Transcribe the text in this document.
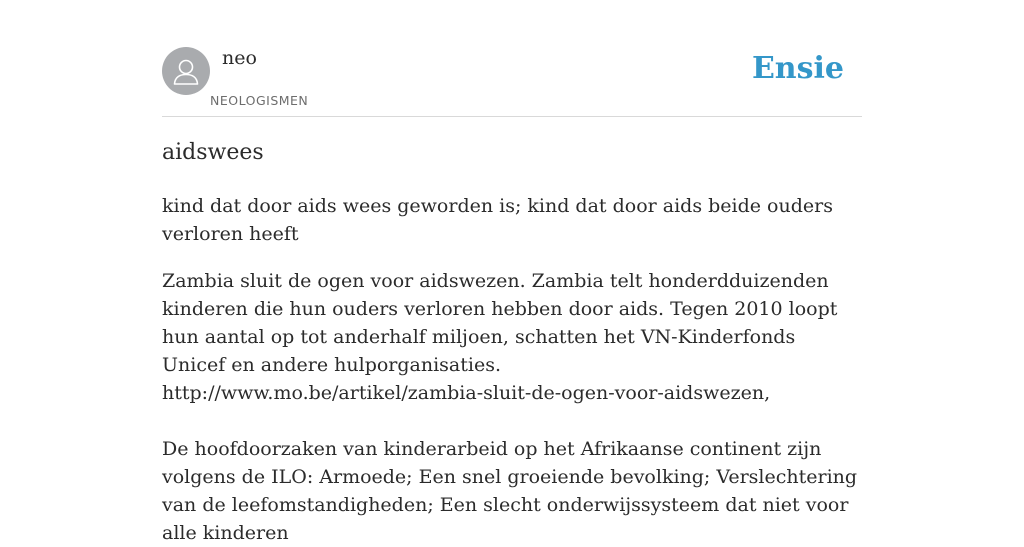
neo
NEOLOGISMEN
Ensie
aidswees

kind dat door aids wees geworden is; kind dat door aids beide ouders verloren heeft

Zambia sluit de ogen voor aidswezen. Zambia telt honderdduizenden kinderen die hun ouders verloren hebben door aids. Tegen 2010 loopt hun aantal op tot anderhalf miljoen, schatten het VN-Kinderfonds Unicef en andere hulporganisaties.

http://www.mo.be/artikel/zambia-sluit-de-ogen-voor-aidswezen,

De hoofdoorzaken van kinderarbeid op het Afrikaanse continent zijn volgens de ILO: Armoede; Een snel groeiende bevolking; Verslechtering van de leefomstandigheden; Een slecht onderwijssysteem dat niet voor alle kinderen
